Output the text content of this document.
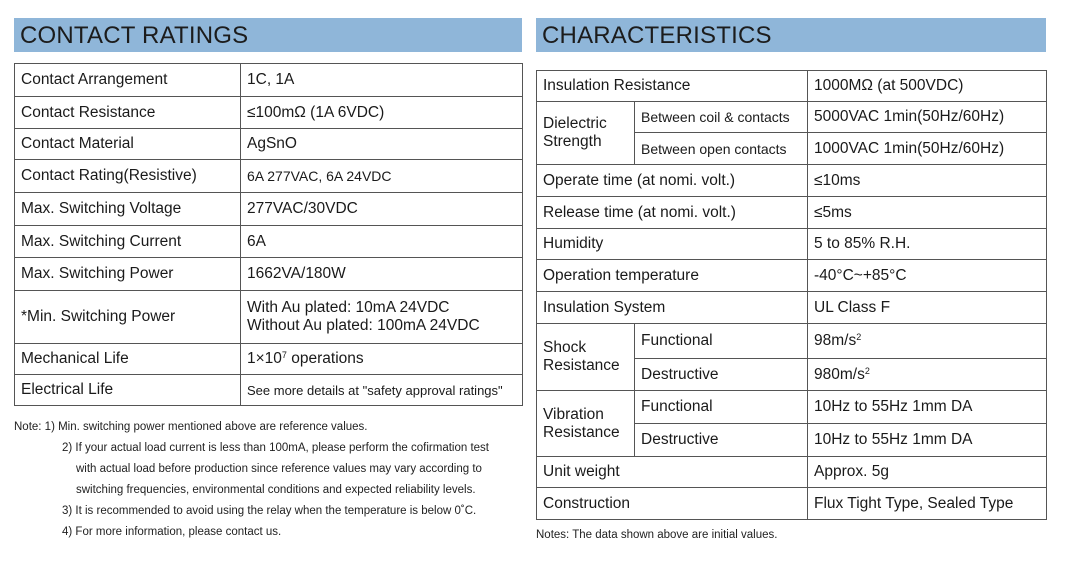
CONTACT RATINGS
Contact Arrangement	1C, 1A
Contact Resistance	≤100mΩ (1A 6VDC)
Contact Material	AgSnO
Contact Rating(Resistive)	6A 277VAC, 6A 24VDC
Max. Switching Voltage	277VAC/30VDC
Max. Switching Current	6A
Max. Switching Power	1662VA/180W
*Min. Switching Power	With Au plated: 10mA 24VDC
Without Au plated: 100mA 24VDC

Mechanical Life	$1\times 10^7$ operations
Electrical Life	See more details at "safety approval ratings"
Note: 1) Min. switching power mentioned above are reference values.
2) If your actual load current is less than 100mA, please perform the cofirmation test
with actual load before production since reference values may vary according to
switching frequencies, environmental conditions and expected reliability levels.
3) It is recommended to avoid using the relay when the temperature is below 0˚C.
4) For more information, please contact us.
CHARACTERISTICS
Insulation Resistance		1000MΩ (at 500VDC)

Dielectric
Strength	Between coil & contacts	5000VAC 1min(50Hz/60Hz)
	Between open contacts	1000VAC 1min(50Hz/60Hz)
Operate time (at nomi. volt.)		≤10ms
Release time (at nomi. volt.)		≤5ms
Humidity		5 to 85% R.H.
Operation temperature		-40°C~+85°C
Insulation System		UL Class F

Shock
Resistance	Functional	$98m/s^2$
	Destructive	$980m/s^2$

Vibration
Resistance	Functional	10Hz to 55Hz 1mm DA
	Destructive	10Hz to 55Hz 1mm DA
Unit weight		Approx. 5g
Construction		Flux Tight Type, Sealed Type
Notes: The data shown above are initial values.
